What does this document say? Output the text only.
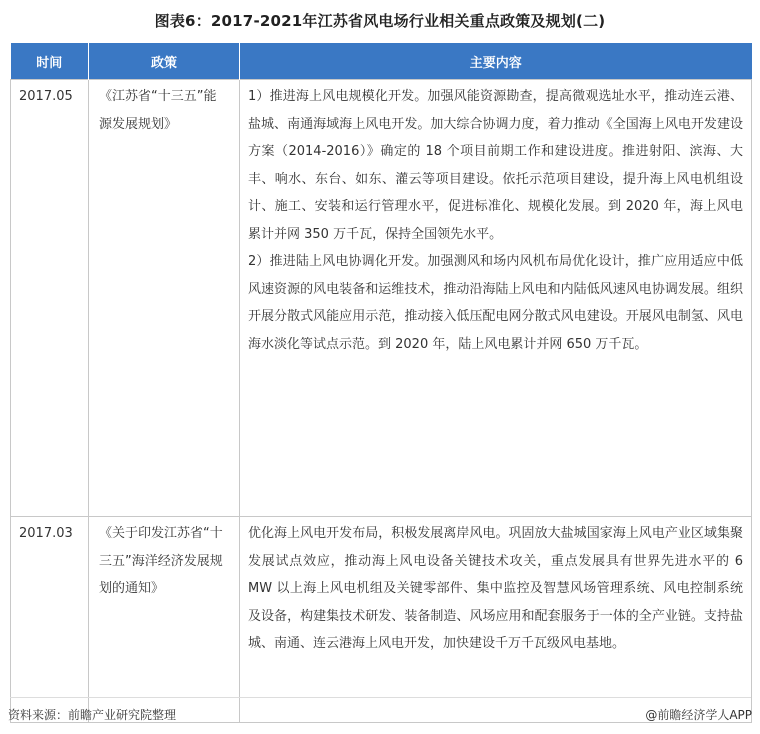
图表6：2017-2021年江苏省风电场行业相关重点政策及规划(二)
时间	政策	主要内容
2017.05	《江苏省“十三五”能源发展规划》	1）推进海上风电规模化开发。加强风能资源勘查，提高微观选址水平，推动连云港、盐城、南通海域海上风电开发。加大综合协调力度，着力推动《全国海上风电开发建设方案（2014-2016）》确定的 18 个项目前期工作和建设进度。推进射阳、滨海、大丰、响水、东台、如东、灌云等项目建设。依托示范项目建设，提升海上风电机组设计、施工、安装和运行管理水平，促进标准化、规模化发展。到 2020 年，海上风电累计并网 350 万千瓦，保持全国领先水平。

2）推进陆上风电协调化开发。加强测风和场内风机布局优化设计，推广应用适应中低风速资源的风电装备和运维技术，推动沿海陆上风电和内陆低风速风电协调发展。组织开展分散式风能应用示范，推动接入低压配电网分散式风电建设。开展风电制氢、风电海水淡化等试点示范。到 2020 年，陆上风电累计并网 650 万千瓦。

2017.03	《关于印发江苏省“十三五”海洋经济发展规划的通知》	优化海上风电开发布局，积极发展离岸风电。巩固放大盐城国家海上风电产业区域集聚发展试点效应，推动海上风电设备关键技术攻关，重点发展具有世界先进水平的 6 MW 以上海上风电机组及关键零部件、集中监控及智慧风场管理系统、风电控制系统及设备，构建集技术研发、装备制造、风场应用和配套服务于一体的全产业链。支持盐城、南通、连云港海上风电开发，加快建设千万千瓦级风电基地。

资料来源：前瞻产业研究院整理	@前瞻经济学人APP
